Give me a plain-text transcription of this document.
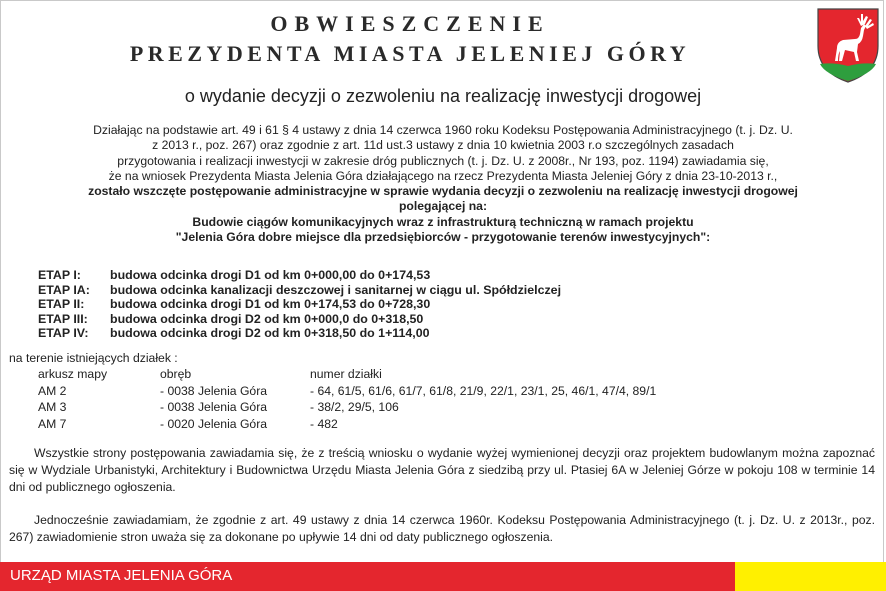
OBWIESZCZENIE
PREZYDENTA MIASTA JELENIEJ GÓRY
o wydanie decyzji o zezwoleniu na realizację inwestycji drogowej
Działając na podstawie art. 49 i 61 § 4 ustawy z dnia 14 czerwca 1960 roku Kodeksu Postępowania Administracyjnego (t. j. Dz. U.
z 2013 r., poz. 267) oraz zgodnie z art. 11d ust.3 ustawy z dnia 10 kwietnia 2003 r.o szczególnych zasadach
przygotowania i realizacji inwestycji w zakresie dróg publicznych (t. j. Dz. U. z 2008r., Nr 193, poz. 1194) zawiadamia się,
że na wniosek Prezydenta Miasta Jelenia Góra działającego na rzecz Prezydenta Miasta Jeleniej Góry z dnia 23-10-2013 r.,
zostało wszczęte postępowanie administracyjne w sprawie wydania decyzji o zezwoleniu na realizację inwestycji drogowej
polegającej na:
Budowie ciągów komunikacyjnych wraz z infrastrukturą techniczną w ramach projektu
"Jelenia Góra dobre miejsce dla przedsiębiorców - przygotowanie terenów inwestycyjnych":
ETAP I:	budowa odcinka drogi D1 od km 0+000,00 do 0+174,53
ETAP IA:	budowa odcinka kanalizacji deszczowej i sanitarnej w ciągu ul. Spółdzielczej
ETAP II:	budowa odcinka drogi D1 od km 0+174,53 do 0+728,30
ETAP III:	budowa odcinka drogi D2 od km 0+000,0 do 0+318,50
ETAP IV:	budowa odcinka drogi D2 od km 0+318,50 do 1+114,00
na terenie istniejących działek :
arkusz mapy	obręb	numer działki
AM 2	- 0038 Jelenia Góra	- 64, 61/5, 61/6, 61/7, 61/8, 21/9, 22/1, 23/1, 25, 46/1, 47/4, 89/1
AM 3	- 0038 Jelenia Góra	- 38/2, 29/5, 106
AM 7	- 0020 Jelenia Góra	- 482
Wszystkie strony postępowania zawiadamia się, że z treścią wniosku o wydanie wyżej wymienionej decyzji oraz projektem budowlanym można zapoznać się w Wydziale Urbanistyki, Architektury i Budownictwa Urzędu Miasta Jelenia Góra z siedzibą przy ul. Ptasiej 6A w Jeleniej Górze w pokoju 108 w terminie 14 dni od publicznego ogłoszenia.
Jednocześnie zawiadamiam, że zgodnie z art. 49 ustawy z dnia 14 czerwca 1960r. Kodeksu Postępowania Administracyjnego (t. j. Dz. U. z 2013r., poz. 267) zawiadomienie stron uważa się za dokonane po upływie 14 dni od daty publicznego ogłoszenia.
URZĄD MIASTA JELENIA GÓRA
